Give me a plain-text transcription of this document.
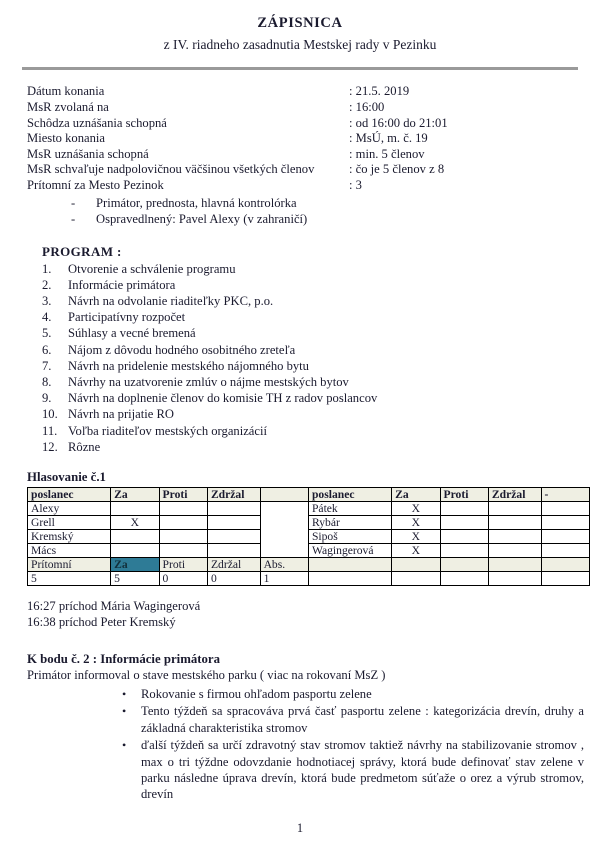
ZÁPISNICA
z IV. riadneho zasadnutia Mestskej rady v Pezinku
Dátum konania	: 21.5. 2019
MsR zvolaná na	: 16:00
Schôdza uznášania schopná	: od 16:00 do 21:01
Miesto konania	: MsÚ, m. č. 19
MsR uznášania schopná	: min. 5 členov
MsR schvaľuje nadpolovičnou väčšinou všetkých členov	: čo je 5 členov z 8
Prítomní za Mesto Pezinok	: 3
-	Primátor, prednosta, hlavná kontrolórka
-	Ospravedlnený: Pavel Alexy (v zahraničí)
PROGRAM :
1.	Otvorenie a schválenie programu
2.	Informácie primátora
3.	Návrh na odvolanie riaditeľky PKC, p.o.
4.	Participatívny rozpočet
5.	Súhlasy a vecné bremená
6.	Nájom z dôvodu hodného osobitného zreteľa
7.	Návrh na pridelenie mestského nájomného bytu
8.	Návrhy na uzatvorenie zmlúv o nájme mestských bytov
9.	Návrh na doplnenie členov do komisie TH z radov poslancov
10. Návrh na prijatie RO
11. Voľba riaditeľov mestských organizácií
12. Rôzne
Hlasovanie č.1
poslanec	Za	Proti	Zdržal		poslanec	Za	Proti	Zdržal	-
Alexy					Pátek	X			
Grell	X				Rybár	X			
Kremský					Sipoš	X			
Mács					Wagingerová	X			
Prítomní	Za	Proti	Zdržal	Abs.					
5	5	0	0	1					
16:27 príchod Mária Wagingerová
16:38 príchod Peter Kremský
K bodu č. 2 : Informácie primátora
Primátor informoval o stave mestského parku ( viac na rokovaní MsZ )
•	Rokovanie s firmou ohľadom pasportu zelene
•	Tento týždeň sa spracováva prvá časť pasportu zelene : kategorizácia drevín, druhy a základná charakteristika stromov
•	ďalší týždeň sa určí zdravotný stav stromov taktiež návrhy na stabilizovanie stromov , max o tri týždne odovzdanie hodnotiacej správy, ktorá bude definovať stav zelene v parku následne úprava drevín, ktorá bude predmetom súťaže o orez a výrub stromov, drevín
1
